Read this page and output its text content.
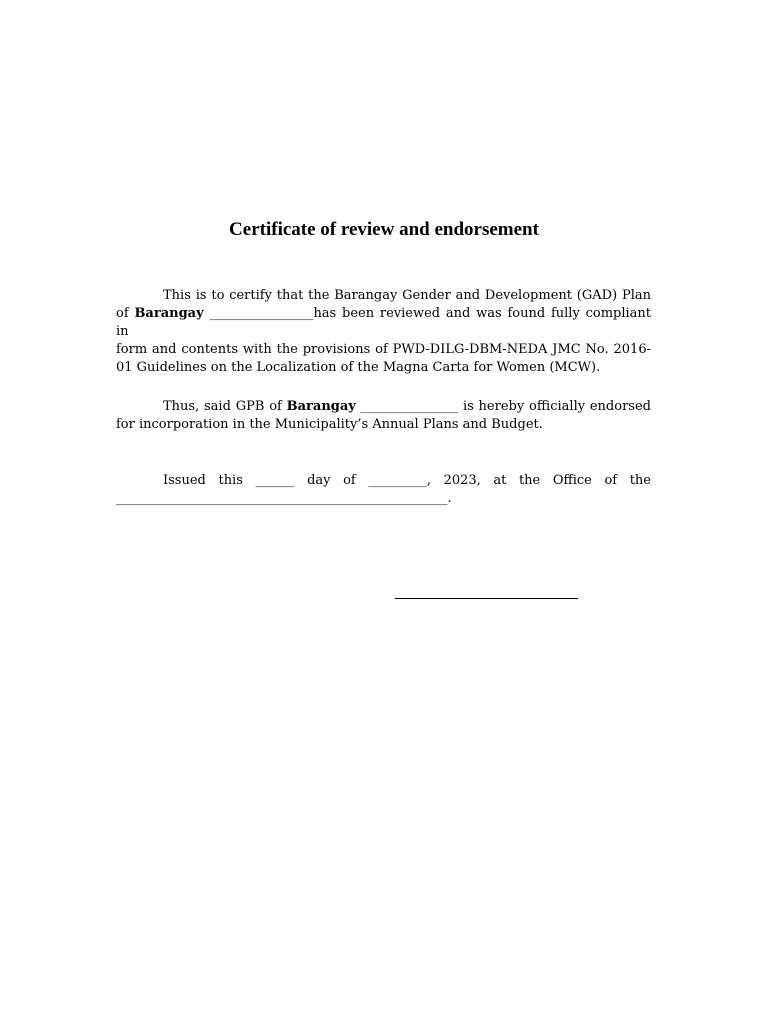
Certificate of review and endorsement
This is to certify that the Barangay Gender and Development (GAD) Plan
of Barangay ________________has been reviewed and was found fully compliant in
form and contents with the provisions of PWD-DILG-DBM-NEDA JMC No. 2016-
01 Guidelines on the Localization of the Magna Carta for Women (MCW).
Thus, said GPB of Barangay _______________ is hereby officially endorsed
for incorporation in the Municipality’s Annual Plans and Budget.
Issued this ______ day of _________, 2023, at the Office of the
___________________________________________________.
